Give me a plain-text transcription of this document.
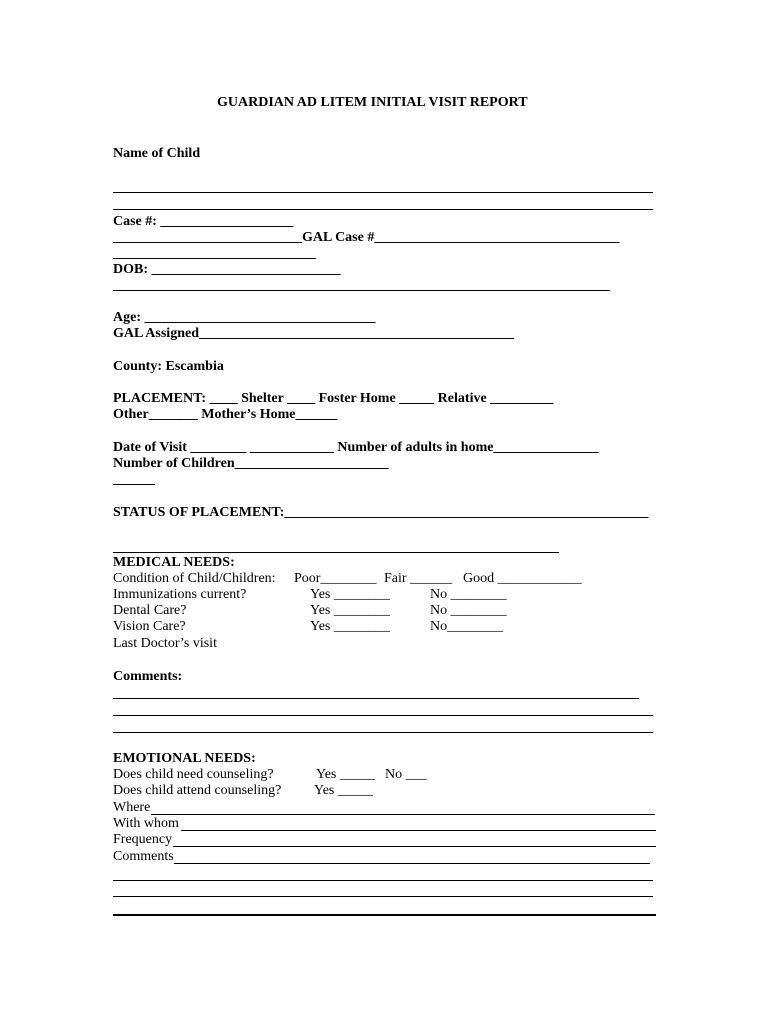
GUARDIAN AD LITEM INITIAL VISIT REPORT
Name of Child
Case #: ___________________
___________________________GAL Case #___________________________________
_____________________________
DOB: ___________________________
Age: _________________________________
GAL Assigned_____________________________________________
County: Escambia
PLACEMENT: ____ Shelter ____ Foster Home _____ Relative _________
Other_______ Mother’s Home______
Date of Visit ________ ____________ Number of adults in home_______________
Number of Children______________________
______
STATUS OF PLACEMENT:____________________________________________________
MEDICAL NEEDS:
Condition of Child/Children: Poor________ Fair ______ Good ____________
Immunizations current?	Yes ________	No ________
Dental Care?	Yes ________	No ________
Vision Care?	Yes ________	No________
Last Doctor’s visit
Comments:
EMOTIONAL NEEDS:
Does child need counseling?	Yes _____ No ___
Does child attend counseling? Yes _____
Where
With whom
Frequency
Comments
